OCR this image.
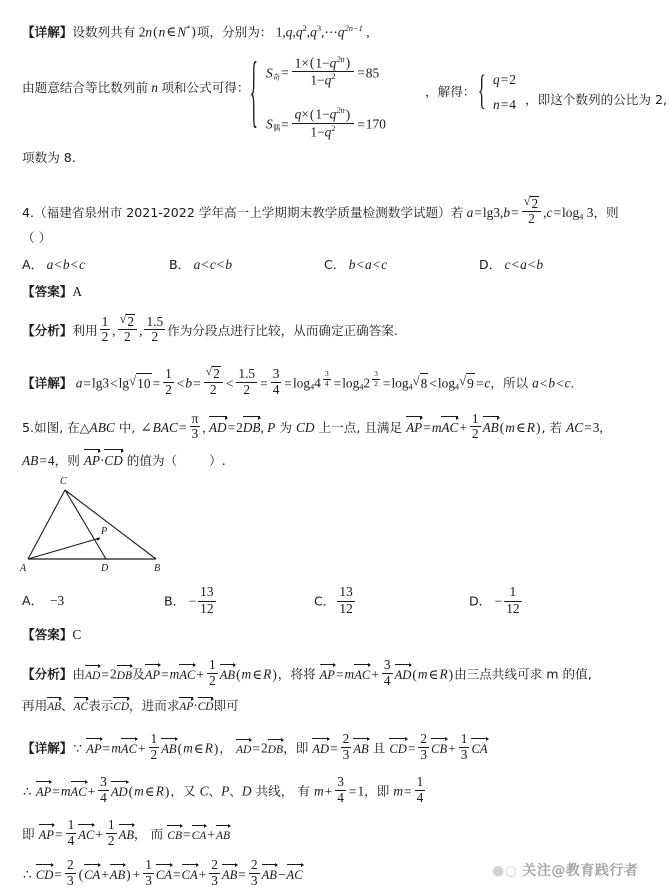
【详解】设数列共有 2n(n∈N*)项，分别为： $1,q,q^2,q^3,\cdots q^{2n-1}$ ,
由题意结合等比数列前 n 项和公式可得：
$S_奇= \frac{1\times(1-q^{2n})}{1-q^2} =85$
$S_偶= \frac{q\times(1-q^{2n})}{1-q^2} =170$
，解得：
q=2
n=4 ，即这个数列的公比为 2,
项数为 8.
4.（福建省泉州市 2021-2022 学年高一上学期期末教学质量检测数学试题）若 a=lg3,b= √ $\frac{2}{2} ,c=\log_4$ 3，则
（ ）
A． a<b<c	B． a<c<b	C． b<a<c	D． c<a<b
【答案】A
【分析】利用 $\frac{1}{2}$ , √ $\frac{2}{2}$ , $\frac{1.5}{2}$ 作为分段点进行比较，从而确定正确答案.
【详解】 a=lg3<lg √ $10 = \frac{1}{2} <b=$ √ $\frac{2}{2} < \frac{1.5}{2} = \frac{3}{4} =\log_44$ $^{\frac{3}{4}} =\log_42$ $^{\frac{3}{2}} =\log_4$ √ $8 <\log_4$ √ 9 =c，所以 a<b<c.
5.如图, 在△ABC 中, ∠BAC= $\frac{\pi}{3}$ , AD=2DB, P 为 CD 上一点, 且满足 $AP=mAC+ \frac{1}{2}$ AB(m∈R), 若 AC=3,
AB=4，则 AP·CD 的值为（        ）.
C
P
A	D	B
A．  −3	B． − $\frac{13}{12}$	C． $\frac{13}{12}$	D． − $\frac{1}{12}$
【答案】C
【分析】由AD=2DB及$AP=mAC+ \frac{1}{2}$ AB(m∈R)，将将 $AP=mAC+ \frac{3}{4}$ AD(m∈R)由三点共线可求 m 的值,
再用AB、AC表示CD，进而求AP·CD即可
【详解】∵ $AP=mAC+ \frac{1}{2}$ AB(m∈R)， AD=2DB，即 $AD= \frac{2}{3}$ AB 且 $CD= \frac{2}{3} CB+ \frac{1}{3}$ CA
∴ $AP=mAC+ \frac{3}{4}$ AD(m∈R)，又 C、P、D 共线， 有 $m+ \frac{3}{4} =1$，即 $m= \frac{1}{4}$
即 $AP= \frac{1}{4} AC+ \frac{1}{2}$ AB， 而 CB=CA+AB
∴ $CD= \frac{2}{3} (CA+AB) + \frac{1}{3} CA=CA+ \frac{2}{3} AB= \frac{2}{3} AB-AC$	●○ 关注@教育践行者
